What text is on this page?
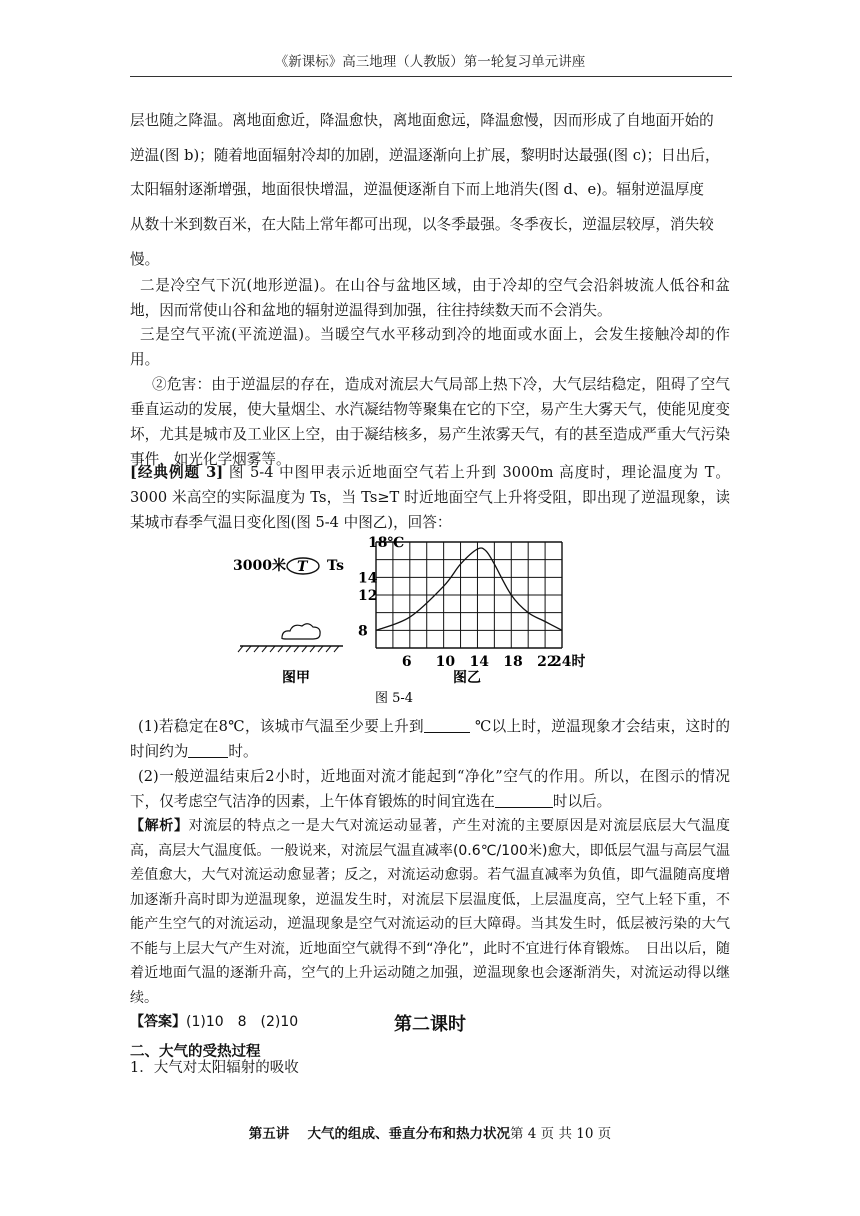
《新课标》高三地理（人教版）第一轮复习单元讲座
层也随之降温。离地面愈近，降温愈快，离地面愈远，降温愈慢，因而形成了自地面开始的
逆温(图 b)；随着地面辐射冷却的加剧，逆温逐渐向上扩展，黎明时达最强(图 c)；日出后，
太阳辐射逐渐增强，地面很快增温，逆温便逐渐自下而上地消失(图 d、e)。辐射逆温厚度
从数十米到数百米，在大陆上常年都可出现，以冬季最强。冬季夜长，逆温层较厚，消失较
慢。
二是冷空气下沉(地形逆温)。在山谷与盆地区域，由于冷却的空气会沿斜坡流人低谷和盆地，因而常使山谷和盆地的辐射逆温得到加强，往往持续数天而不会消失。
三是空气平流(平流逆温)。当暖空气水平移动到冷的地面或水面上，会发生接触冷却的作用。
②危害：由于逆温层的存在，造成对流层大气局部上热下冷，大气层结稳定，阻碍了空气垂直运动的发展，使大量烟尘、水汽凝结物等聚集在它的下空，易产生大雾天气，使能见度变坏，尤其是城市及工业区上空，由于凝结核多，易产生浓雾天气，有的甚至造成严重大气污染事件，如光化学烟雾等。
[经典例题 3] 图 5-4 中图甲表示近地面空气若上升到 3000m 高度时，理论温度为 T。3000 米高空的实际温度为 Ts，当 Ts≥T 时近地面空气上升将受阻，即出现了逆温现象，读某城市春季气温日变化图(图 5-4 中图乙)，回答：
3000米 T Ts
图甲
8
12
14
18℃
6 10 14 18 22
24时
图乙
图 5-4
(1)若稳定在8℃，该城市气温至少要上升到	℃以上时，逆温现象才会结束，这时的时间约为	时。
(2)一般逆温结束后2小时，近地面对流才能起到“净化”空气的作用。所以，在图示的情况下，仅考虑空气洁净的因素，上午体育锻炼的时间宜选在	时以后。
【解析】对流层的特点之一是大气对流运动显著，产生对流的主要原因是对流层底层大气温度高，高层大气温度低。一般说来，对流层气温直减率(0.6℃/100米)愈大，即低层气温与高层气温差值愈大，大气对流运动愈显著；反之，对流运动愈弱。若气温直减率为负值，即气温随高度增加逐渐升高时即为逆温现象，逆温发生时，对流层下层温度低，上层温度高，空气上轻下重，不能产生空气的对流运动，逆温现象是空气对流运动的巨大障碍。当其发生时，低层被污染的大气不能与上层大气产生对流，近地面空气就得不到“净化”，此时不宜进行体育锻炼。　日出以后，随着近地面气温的逐渐升高，空气的上升运动随之加强，逆温现象也会逐渐消失，对流运动得以继续。
【答案】(1)10　8　(2)10	第二课时
二、大气的受热过程
1．大气对太阳辐射的吸收
第五讲　 大气的组成、垂直分布和热力状况第 4 页 共 10 页
